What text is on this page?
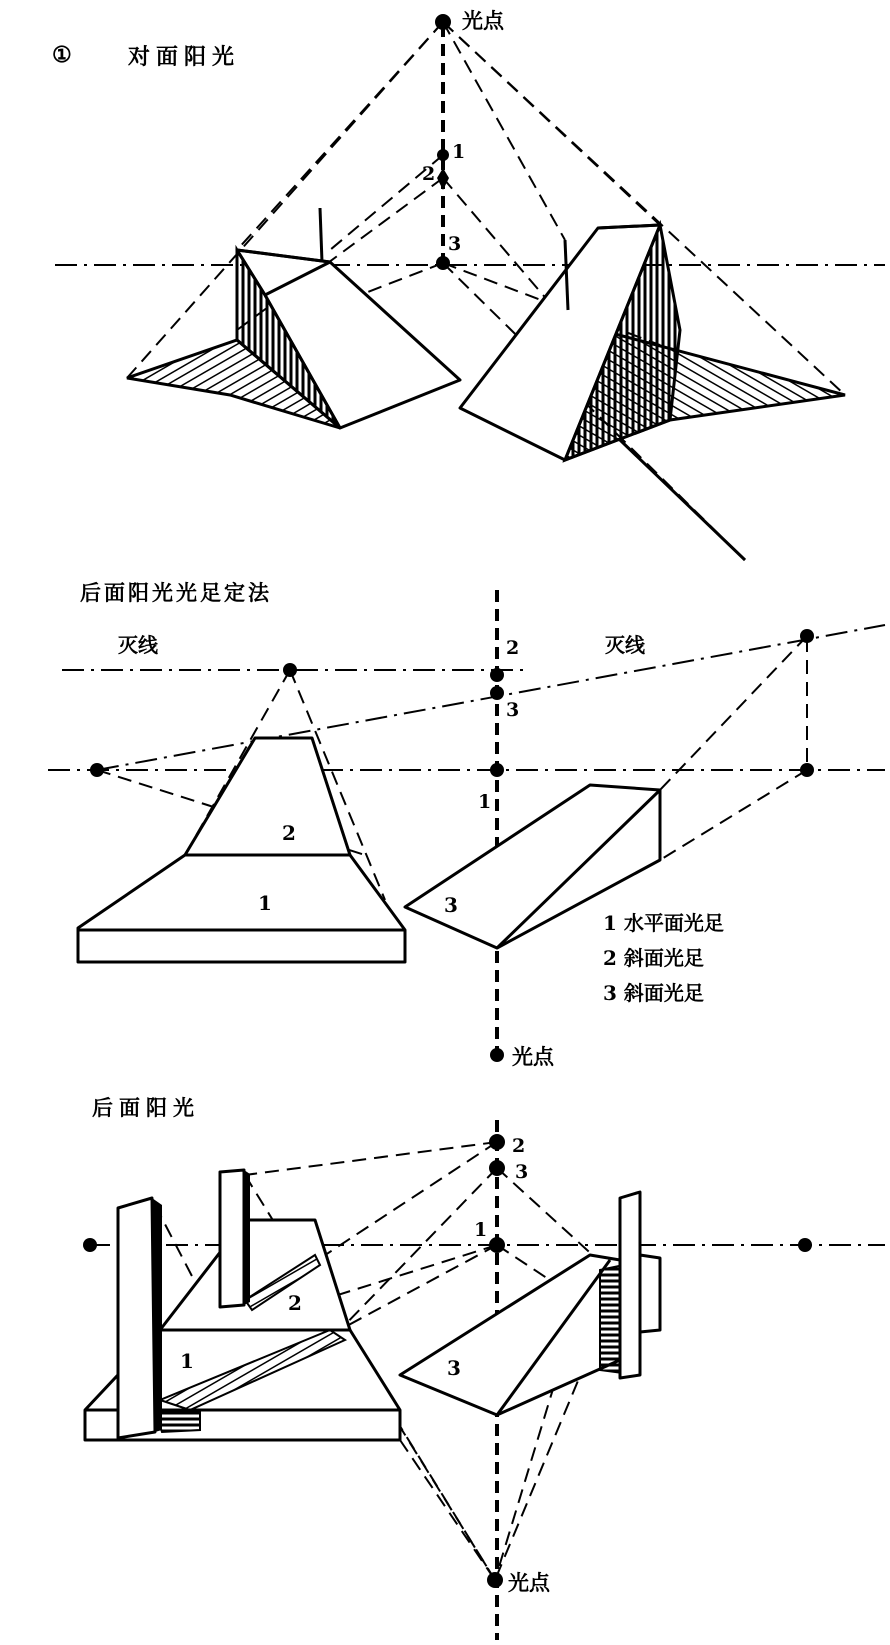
①	对面阳光
光点
1
2
3
后面阳光光足定法
灭线	灭线
2
3
1
光点
1
2
3
1 水平面光足
2 斜面光足
3 斜面光足
后面阳光
2
3
1
光点
1
2
3
